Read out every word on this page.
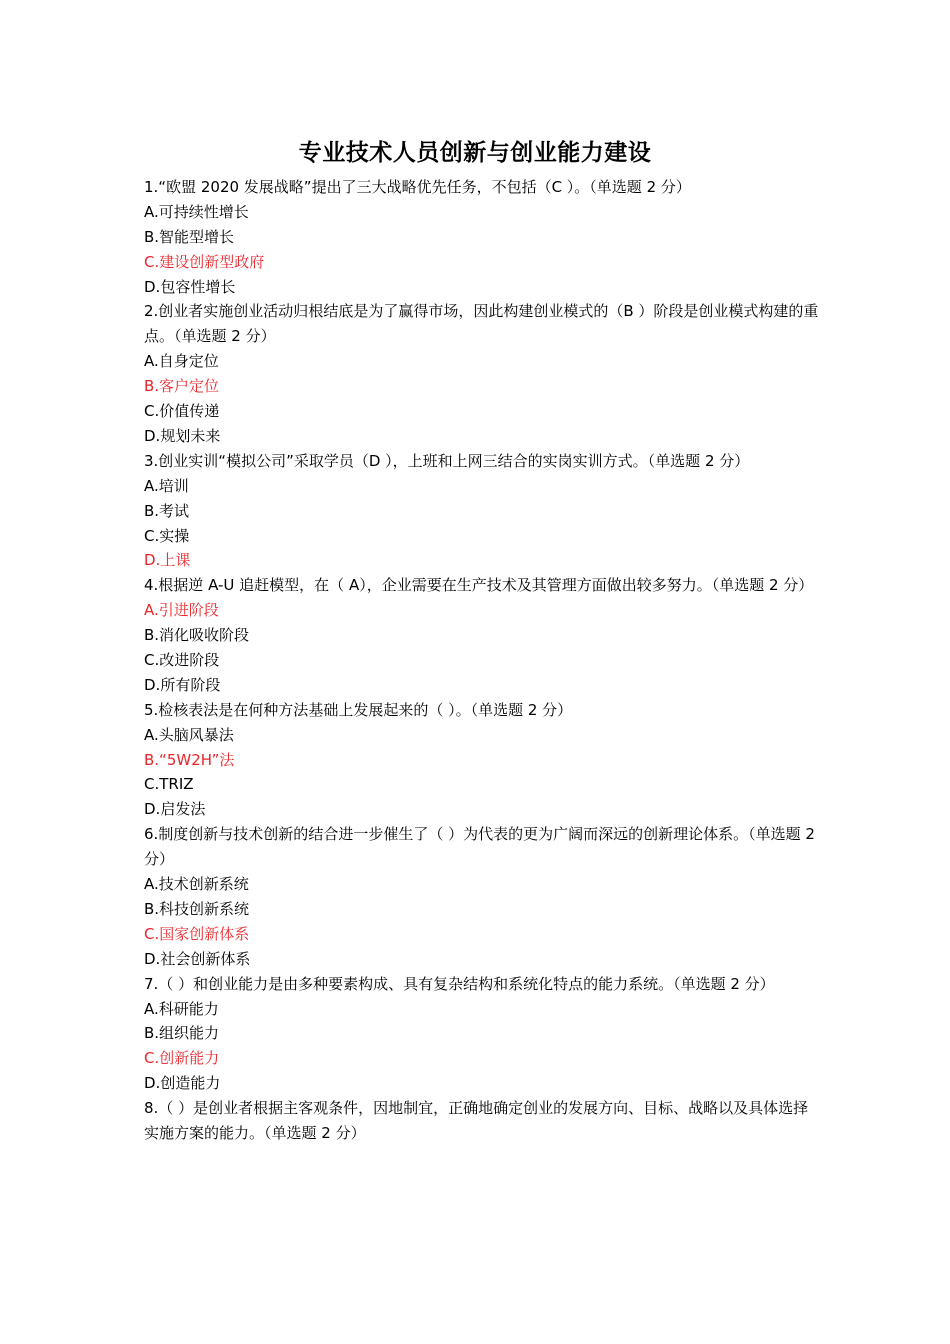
专业技术人员创新与创业能力建设
1.“欧盟 2020 发展战略”提出了三大战略优先任务，不包括（C ）。（单选题 2 分）
A.可持续性增长
B.智能型增长
C.建设创新型政府
D.包容性增长
2.创业者实施创业活动归根结底是为了赢得市场，因此构建创业模式的（B ）阶段是创业模式构建的重点。（单选题 2 分）
A.自身定位
B.客户定位
C.价值传递
D.规划未来
3.创业实训“模拟公司”采取学员（D ），上班和上网三结合的实岗实训方式。（单选题 2 分）
A.培训
B.考试
C.实操
D.上课
4.根据逆 A-U 追赶模型，在（ A），企业需要在生产技术及其管理方面做出较多努力。（单选题 2 分）
A.引进阶段
B.消化吸收阶段
C.改进阶段
D.所有阶段
5.检核表法是在何种方法基础上发展起来的（ ）。（单选题 2 分）
A.头脑风暴法
B.“5W2H”法
C.TRIZ
D.启发法
6.制度创新与技术创新的结合进一步催生了（ ）为代表的更为广阔而深远的创新理论体系。（单选题 2 分）
A.技术创新系统
B.科技创新系统
C.国家创新体系
D.社会创新体系
7.（ ）和创业能力是由多种要素构成、具有复杂结构和系统化特点的能力系统。（单选题 2 分）
A.科研能力
B.组织能力
C.创新能力
D.创造能力
8.（ ）是创业者根据主客观条件，因地制宜，正确地确定创业的发展方向、目标、战略以及具体选择实施方案的能力。（单选题 2 分）
